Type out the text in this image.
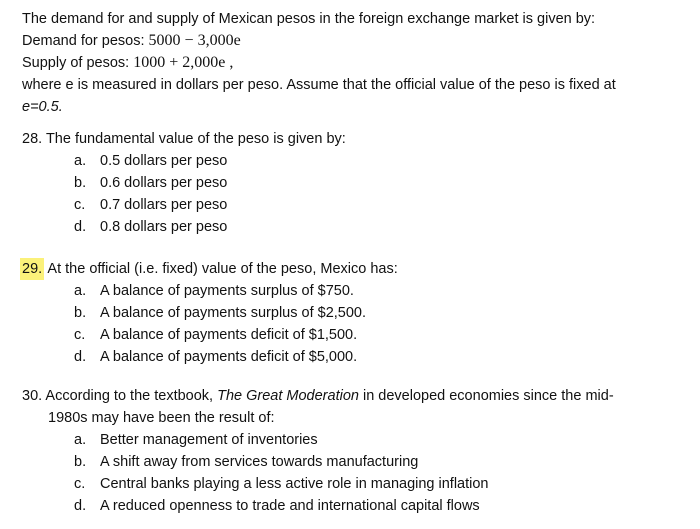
The demand for and supply of Mexican pesos in the foreign exchange market is given by:
Demand for pesos: 5000 − 3,000e
Supply of pesos: 1000 + 2,000e ,
where e is measured in dollars per peso. Assume that the official value of the peso is fixed at
e=0.5.
28. The fundamental value of the peso is given by:
a. 0.5 dollars per peso
b. 0.6 dollars per peso
c.	0.7 dollars per peso
d. 0.8 dollars per peso
29. At the official (i.e. fixed) value of the peso, Mexico has:
a. A balance of payments surplus of $750.
b. A balance of payments surplus of $2,500.
c.	A balance of payments deficit of $1,500.
d. A balance of payments deficit of $5,000.
30. According to the textbook, The Great Moderation in developed economies since the mid-
1980s may have been the result of:
a. Better management of inventories
b. A shift away from services towards manufacturing
c.	Central banks playing a less active role in managing inflation
d. A reduced openness to trade and international capital flows
